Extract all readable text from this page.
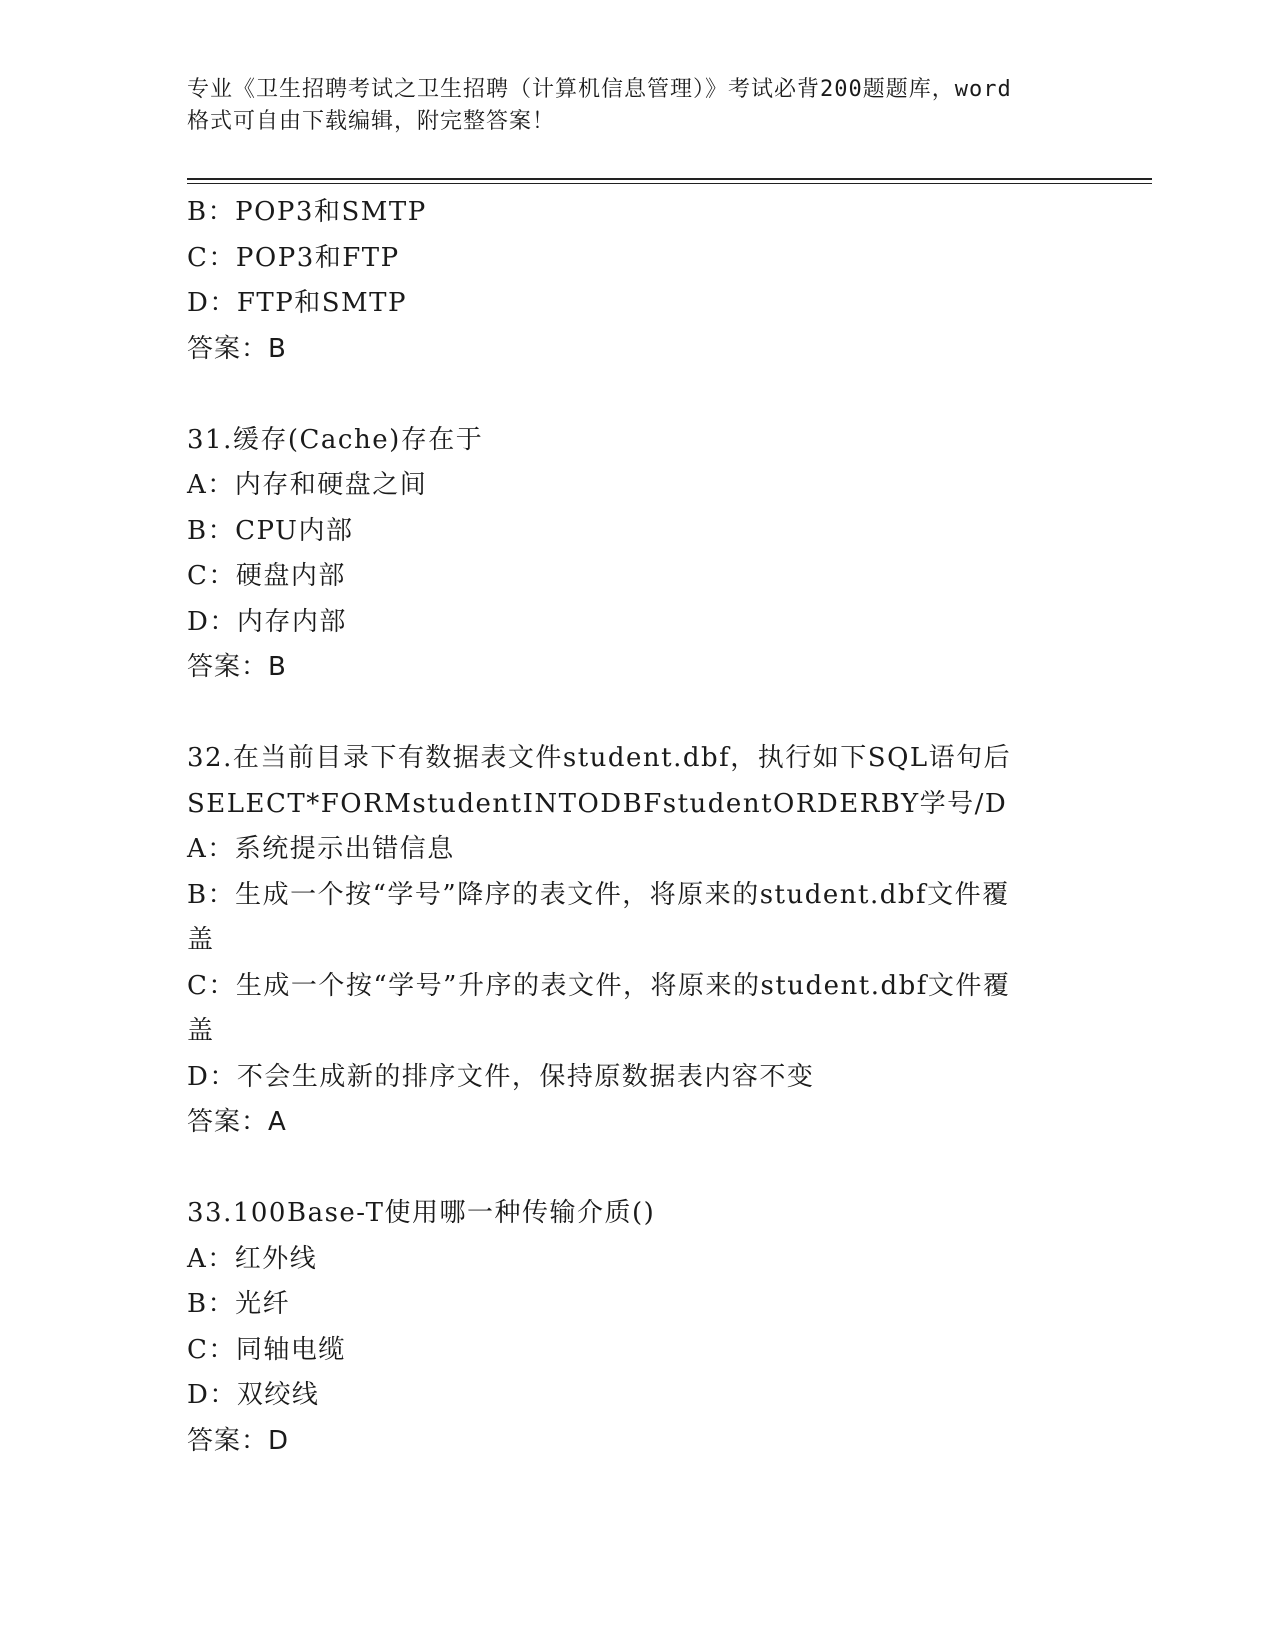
专业《卫生招聘考试之卫生招聘（计算机信息管理）》考试必背200题题库，word
格式可自由下载编辑，附完整答案！
B：POP3和SMTP
C：POP3和FTP
D：FTP和SMTP
答案：B
31.缓存(Cache)存在于
A：内存和硬盘之间
B：CPU内部
C：硬盘内部
D：内存内部
答案：B
32.在当前目录下有数据表文件student.dbf，执行如下SQL语句后
SELECT*FORMstudentINTODBFstudentORDERBY学号/D
A：系统提示出错信息
B：生成一个按“学号”降序的表文件，将原来的student.dbf文件覆
盖
C：生成一个按“学号”升序的表文件，将原来的student.dbf文件覆
盖
D：不会生成新的排序文件，保持原数据表内容不变
答案：A
33.100Base-T使用哪一种传输介质()
A：红外线
B：光纤
C：同轴电缆
D：双绞线
答案：D
